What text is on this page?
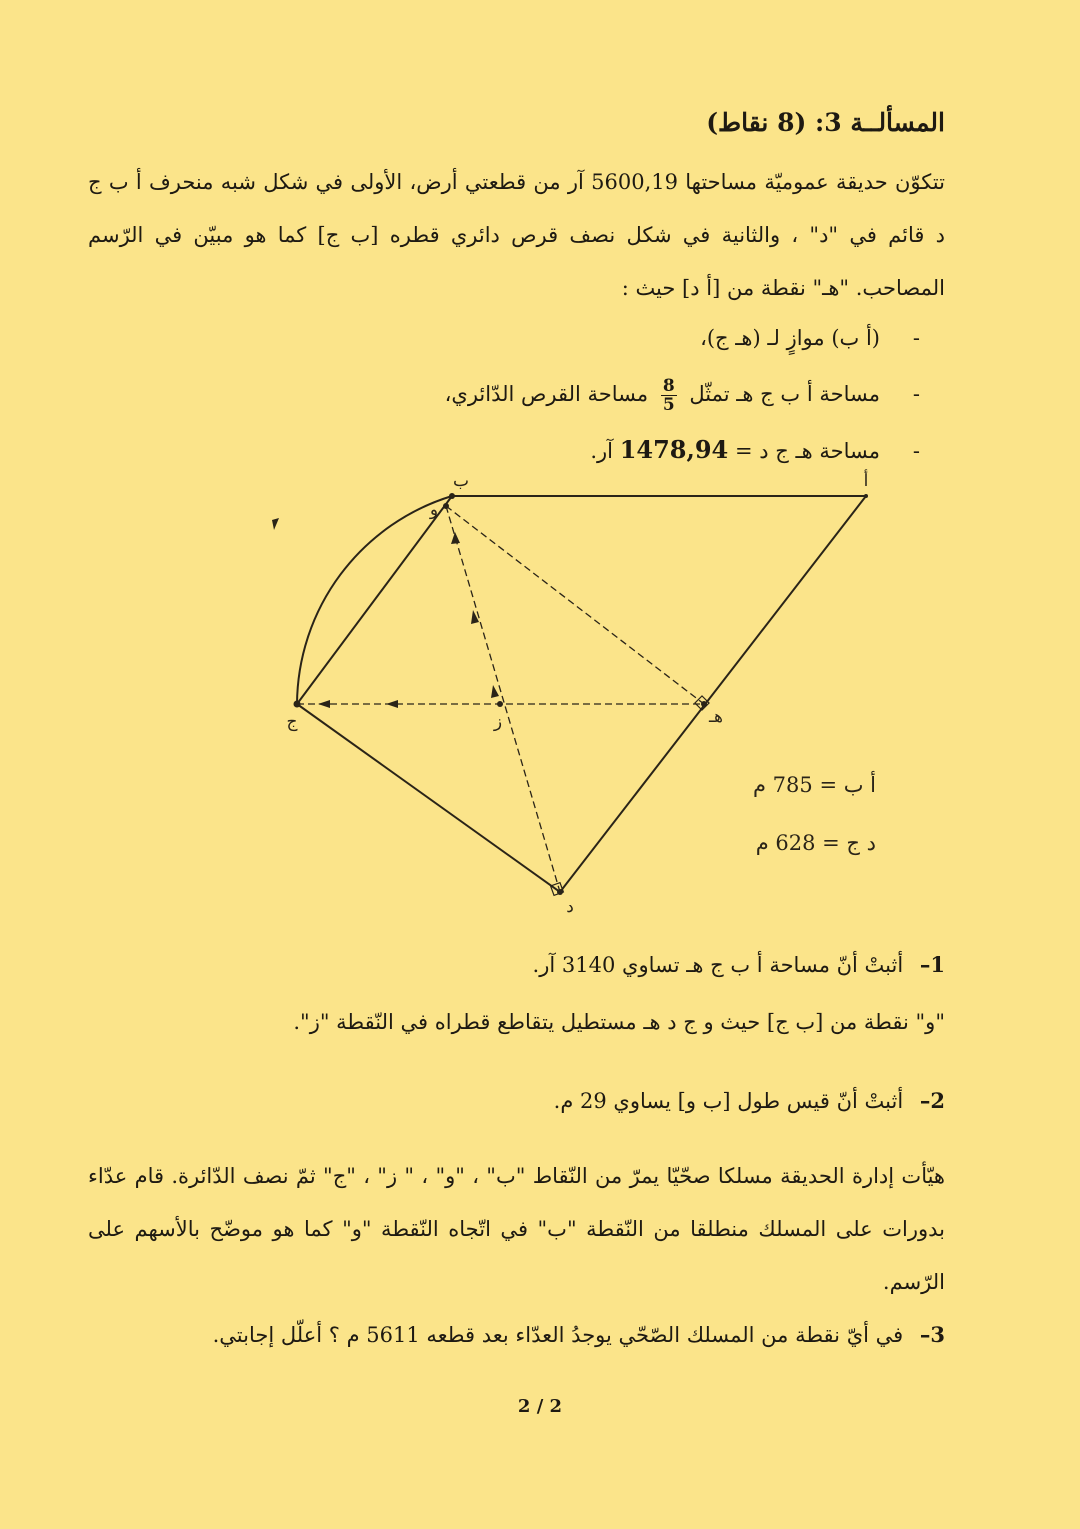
المسألــة 3: (8 نقاط)
تتكوّن حديقة عموميّة مساحتها 5600,19 آر من قطعتي أرض، الأولى في شكل شبه منحرف أ ب ج د قائم في "د" ، والثانية في شكل نصف قرص دائري قطره [ب ج] كما هو مبيّن في الرّسم المصاحب. "هـ" نقطة من [أ د] حيث :
-(أ ب) موازٍ لـ (هـ ج)،
-مساحة أ ب ج هـ تمثّل
$\frac{8}{5}$
مساحة القرص الدّائري،
-مساحة هـ ج د = 1478,94 آر.
أ
ب
و
ج	ز	هـ
د
أ ب = 785 م
د ج = 628 م
1– أثبتْ أنّ مساحة أ ب ج هـ تساوي 3140 آر.
"و" نقطة من [ب ج] حيث و ج د هـ مستطيل يتقاطع قطراه في النّقطة "ز".
2– أثبتْ أنّ قيس طول [ب و] يساوي 29 م.
هيّأت إدارة الحديقة مسلكا صحّيّا يمرّ من النّقاط "ب" ، "و" ، " ز" ، "ج" ثمّ نصف الدّائرة. قام عدّاء بدورات على المسلك منطلقا من النّقطة "ب" في اتّجاه النّقطة "و" كما هو موضّح بالأسهم على الرّسم.
3– في أيّ نقطة من المسلك الصّحّي يوجدُ العدّاء بعد قطعه 5611 م ؟ أعلّل إجابتي.
2 / 2
